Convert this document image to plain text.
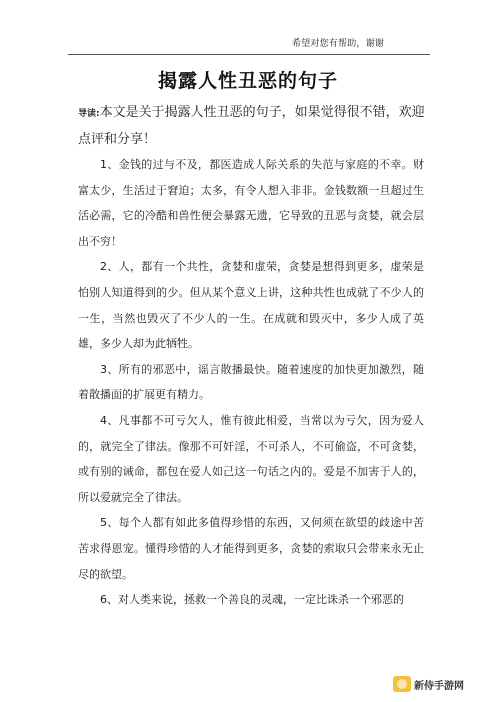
希望对您有帮助，谢谢
揭露人性丑恶的句子
导读:本文是关于揭露人性丑恶的句子，如果觉得很不错，欢迎点评和分享！

1、金钱的过与不及，都医造成人际关系的失范与家庭的不幸。财富太少，生活过于窘迫；太多，有令人想入非非。金钱数额一旦超过生活必需，它的冷酷和兽性便会暴露无遗，它导致的丑恶与贪婪，就会层出不穷！

2、人，都有一个共性，贪婪和虚荣，贪婪是想得到更多，虚荣是怕别人知道得到的少。但从某个意义上讲，这种共性也成就了不少人的一生，当然也毁灭了不少人的一生。在成就和毁灭中，多少人成了英雄，多少人却为此牺牲。

3、所有的邪恶中，谣言散播最快。随着速度的加快更加激烈，随着散播面的扩展更有精力。

4、凡事都不可亏欠人，惟有彼此相爱，当常以为亏欠，因为爱人的，就完全了律法。像那不可奸淫，不可杀人，不可偷盗，不可贪婪，或有别的诫命，都包在爱人如己这一句话之内的。爱是不加害于人的，所以爱就完全了律法。

5、每个人都有如此多值得珍惜的东西，又何须在欲望的歧途中苦苦求得恩宠。懂得珍惜的人才能得到更多，贪婪的索取只会带来永无止尽的欲望。

6、对人类来说，拯救一个善良的灵魂，一定比诛杀一个邪恶的

新侍手游网
